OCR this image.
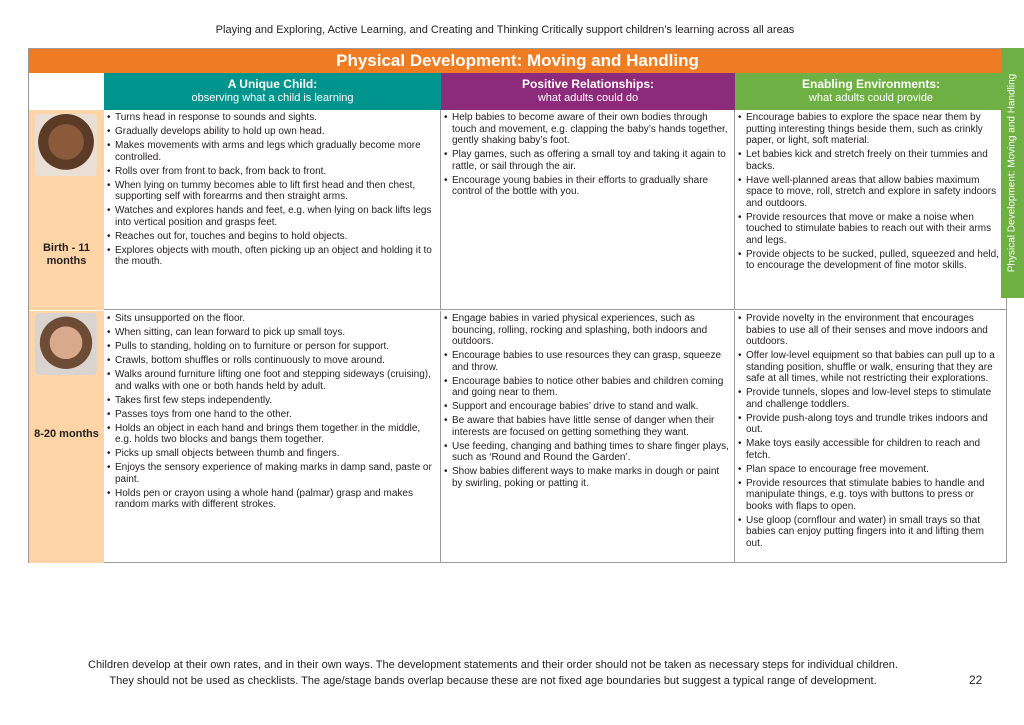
Playing and Exploring, Active Learning, and Creating and Thinking Critically support children’s learning across all areas
Physical Development: Moving and Handling
A Unique Child:
observing what a child is learning
Positive Relationships:
what adults could do
Enabling Environments:
what adults could provide
Birth - 11
months
8-20 months
• Turns head in response to sounds and sights.
• Gradually develops ability to hold up own head.
• Makes movements with arms and legs which gradually become more controlled.
• Rolls over from front to back, from back to front.
• When lying on tummy becomes able to lift first head and then chest, supporting self with forearms and then straight arms.
• Watches and explores hands and feet, e.g. when lying on back lifts legs into vertical position and grasps feet.
• Reaches out for, touches and begins to hold objects.
• Explores objects with mouth, often picking up an object and holding it to the mouth.
• Help babies to become aware of their own bodies through touch and movement, e.g. clapping the baby’s hands together, gently shaking baby’s foot.
• Play games, such as offering a small toy and taking it again to rattle, or sail through the air.
• Encourage young babies in their efforts to gradually share control of the bottle with you.
• Encourage babies to explore the space near them by putting interesting things beside them, such as crinkly paper, or light, soft material.
• Let babies kick and stretch freely on their tummies and backs.
• Have well-planned areas that allow babies maximum space to move, roll, stretch and explore in safety indoors and outdoors.
• Provide resources that move or make a noise when touched to stimulate babies to reach out with their arms and legs.
• Provide objects to be sucked, pulled, squeezed and held, to encourage the development of fine motor skills.
• Sits unsupported on the floor.
• When sitting, can lean forward to pick up small toys.
• Pulls to standing, holding on to furniture or person for support.
• Crawls, bottom shuffles or rolls continuously to move around.
• Walks around furniture lifting one foot and stepping sideways (cruising), and walks with one or both hands held by adult.
• Takes first few steps independently.
• Passes toys from one hand to the other.
• Holds an object in each hand and brings them together in the middle, e.g. holds two blocks and bangs them together.
• Picks up small objects between thumb and fingers.
• Enjoys the sensory experience of making marks in damp sand, paste or paint.
• Holds pen or crayon using a whole hand (palmar) grasp and makes random marks with different strokes.
• Engage babies in varied physical experiences, such as bouncing, rolling, rocking and splashing, both indoors and outdoors.
• Encourage babies to use resources they can grasp, squeeze and throw.
• Encourage babies to notice other babies and children coming and going near to them.
• Support and encourage babies’ drive to stand and walk.
• Be aware that babies have little sense of danger when their interests are focused on getting something they want.
• Use feeding, changing and bathing times to share finger plays, such as ‘Round and Round the Garden’.
• Show babies different ways to make marks in dough or paint by swirling, poking or patting it.
• Provide novelty in the environment that encourages babies to use all of their senses and move indoors and outdoors.
• Offer low-level equipment so that babies can pull up to a standing position, shuffle or walk, ensuring that they are safe at all times, while not restricting their explorations.
• Provide tunnels, slopes and low-level steps to stimulate and challenge toddlers.
• Provide push-along toys and trundle trikes indoors and out.
• Make toys easily accessible for children to reach and fetch.
• Plan space to encourage free movement.
• Provide resources that stimulate babies to handle and manipulate things, e.g. toys with buttons to press or books with flaps to open.
• Use gloop (cornflour and water) in small trays so that babies can enjoy putting fingers into it and lifting them out.
Physical Development: Moving and Handling
Children develop at their own rates, and in their own ways. The development statements and their order should not be taken as necessary steps for individual children.
They should not be used as checklists. The age/stage bands overlap because these are not fixed age boundaries but suggest a typical range of development.	22
